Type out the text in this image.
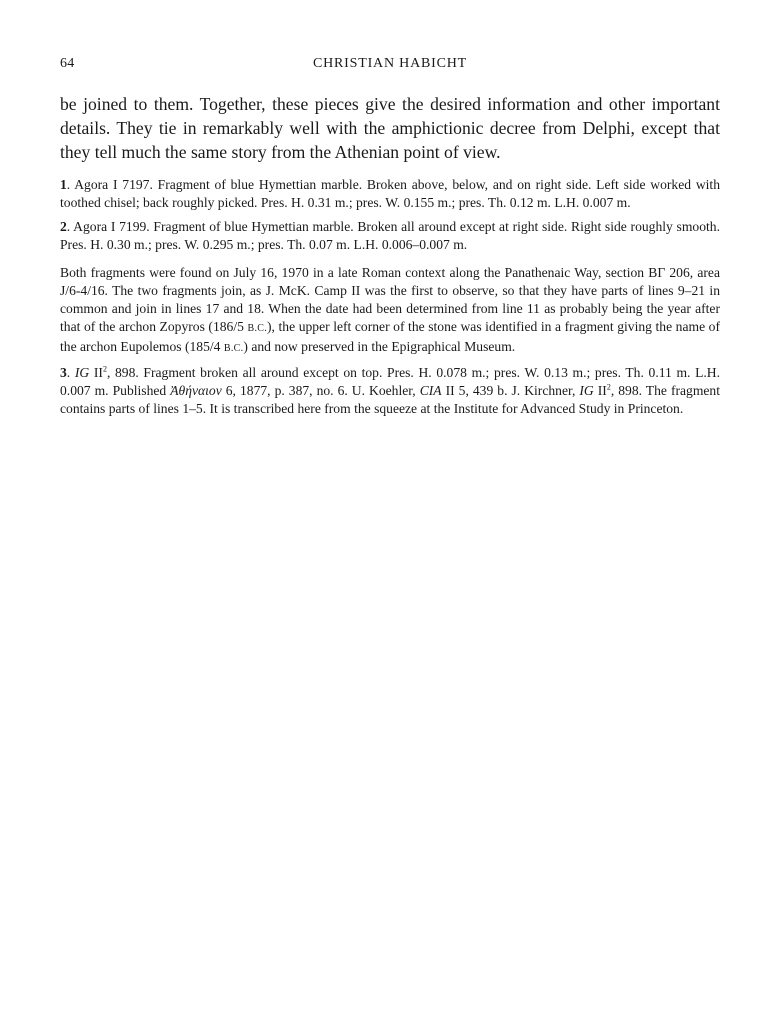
64	CHRISTIAN HABICHT

be joined to them. Together, these pieces give the desired information and other important details. They tie in remarkably well with the amphictionic decree from Delphi, except that they tell much the same story from the Athenian point of view.

1. Agora I 7197. Fragment of blue Hymettian marble. Broken above, below, and on right side. Left side worked with toothed chisel; back roughly picked. Pres. H. 0.31 m.; pres. W. 0.155 m.; pres. Th. 0.12 m. L.H. 0.007 m.

2. Agora I 7199. Fragment of blue Hymettian marble. Broken all around except at right side. Right side roughly smooth. Pres. H. 0.30 m.; pres. W. 0.295 m.; pres. Th. 0.07 m. L.H. 0.006–0.007 m.

Both fragments were found on July 16, 1970 in a late Roman context along the Panathenaic Way, section ΒΓ 206, area J/6-4/16. The two fragments join, as J. McK. Camp II was the first to observe, so that they have parts of lines 9–21 in common and join in lines 17 and 18. When the date had been determined from line 11 as probably being the year after that of the archon Zopyros (186/5 B.C.), the upper left corner of the stone was identified in a fragment giving the name of the archon Eupolemos (185/4 B.C.) and now preserved in the Epigraphical Museum.

3. IG $II^2$, 898. Fragment broken all around except on top. Pres. H. 0.078 m.; pres. W. 0.13 m.; pres. Th. 0.11 m. L.H. 0.007 m. Published Ἀθήναιον 6, 1877, p. 387, no. 6. U. Koehler, CIA II 5, 439 b. J. Kirchner, IG $II^2$, 898. The fragment contains parts of lines 1–5. It is transcribed here from the squeeze at the Institute for Advanced Study in Princeton.
